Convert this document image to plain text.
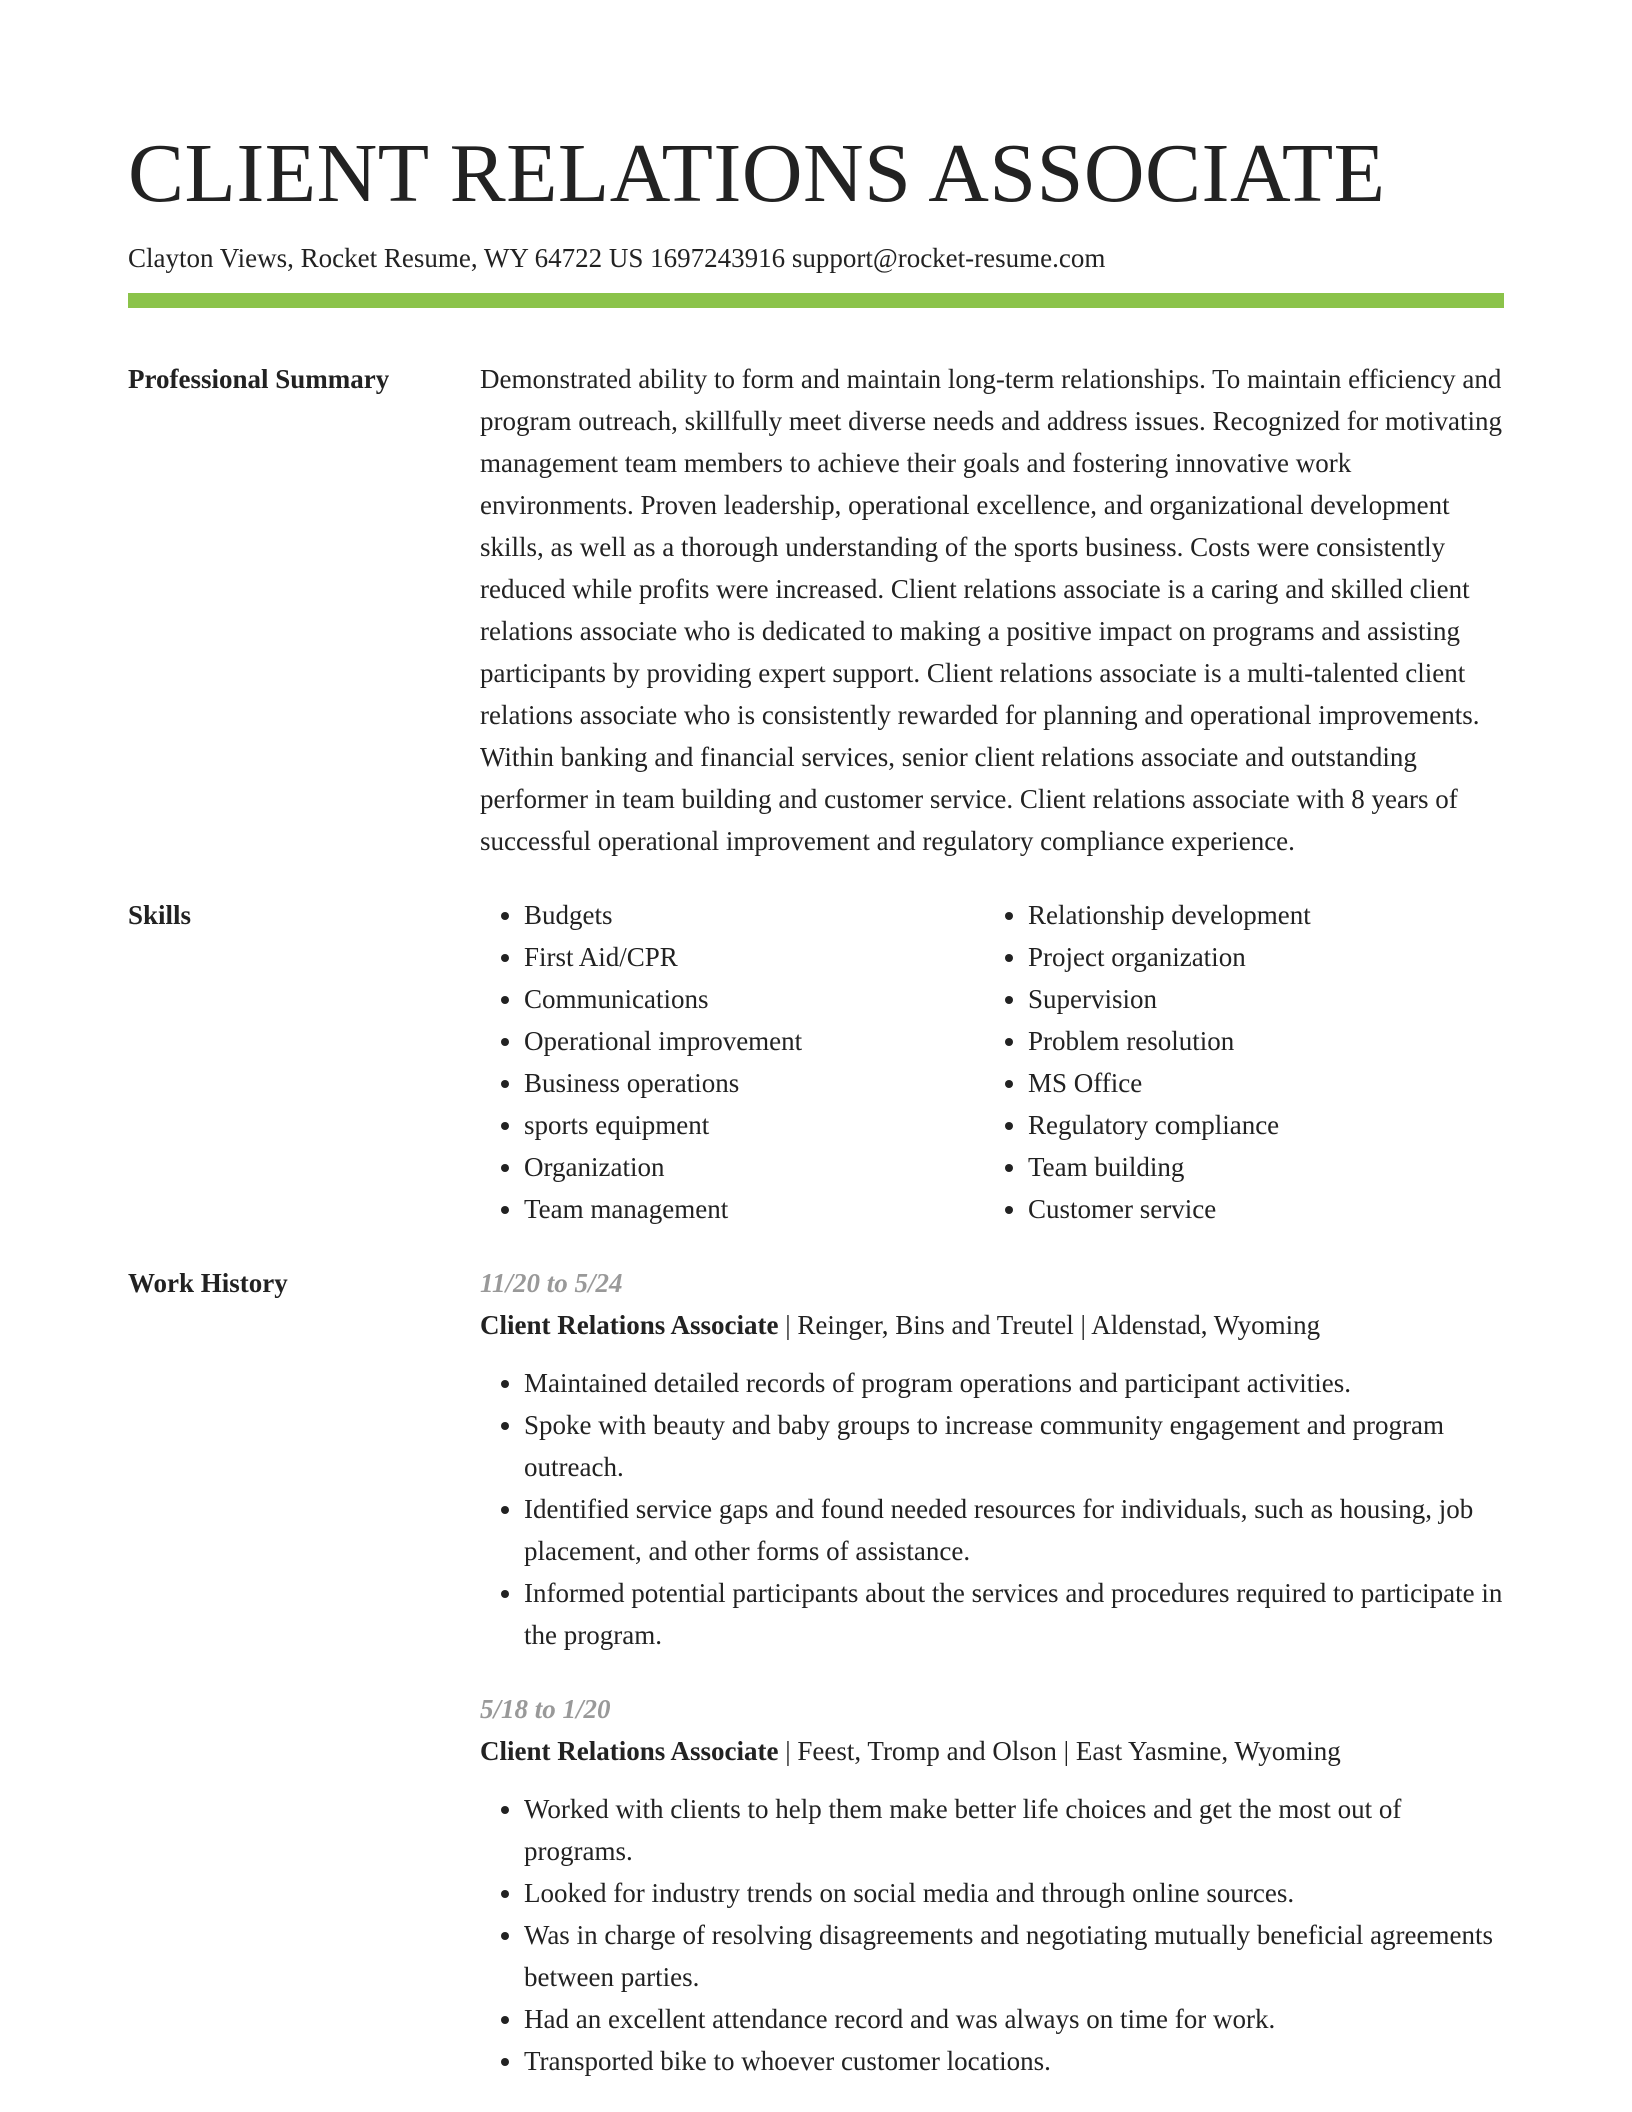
CLIENT RELATIONS ASSOCIATE
Clayton Views, Rocket Resume, WY 64722 US 1697243916 support@rocket-resume.com
Professional Summary	Demonstrated ability to form and maintain long-term relationships. To maintain efficiency and program outreach, skillfully meet diverse needs and address issues. Recognized for motivating management team members to achieve their goals and fostering innovative work environments. Proven leadership, operational excellence, and organizational development skills, as well as a thorough understanding of the sports business. Costs were consistently reduced while profits were increased. Client relations associate is a caring and skilled client relations associate who is dedicated to making a positive impact on programs and assisting participants by providing expert support. Client relations associate is a multi-talented client relations associate who is consistently rewarded for planning and operational improvements. Within banking and financial services, senior client relations associate and outstanding performer in team building and customer service. Client relations associate with 8 years of successful operational improvement and regulatory compliance experience.

Skills
•	Budgets
• First Aid/CPR
• Communications
• Operational improvement
• Business operations
• sports equipment
• Organization
• Team management
• Relationship development
• Project organization
• Supervision
• Problem resolution
• MS Office
• Regulatory compliance
• Team building
• Customer service
Work History	11/20 to 5/24
Client Relations Associate | Reinger, Bins and Treutel | Aldenstad, Wyoming
• Maintained detailed records of program operations and participant activities.
• Spoke with beauty and baby groups to increase community engagement and program outreach.
• Identified service gaps and found needed resources for individuals, such as housing, job placement, and other forms of assistance.
• Informed potential participants about the services and procedures required to participate in the program.
5/18 to 1/20
Client Relations Associate | Feest, Tromp and Olson | East Yasmine, Wyoming
• Worked with clients to help them make better life choices and get the most out of programs.
• Looked for industry trends on social media and through online sources.
• Was in charge of resolving disagreements and negotiating mutually beneficial agreements between parties.
• Had an excellent attendance record and was always on time for work.
• Transported bike to whoever customer locations.
